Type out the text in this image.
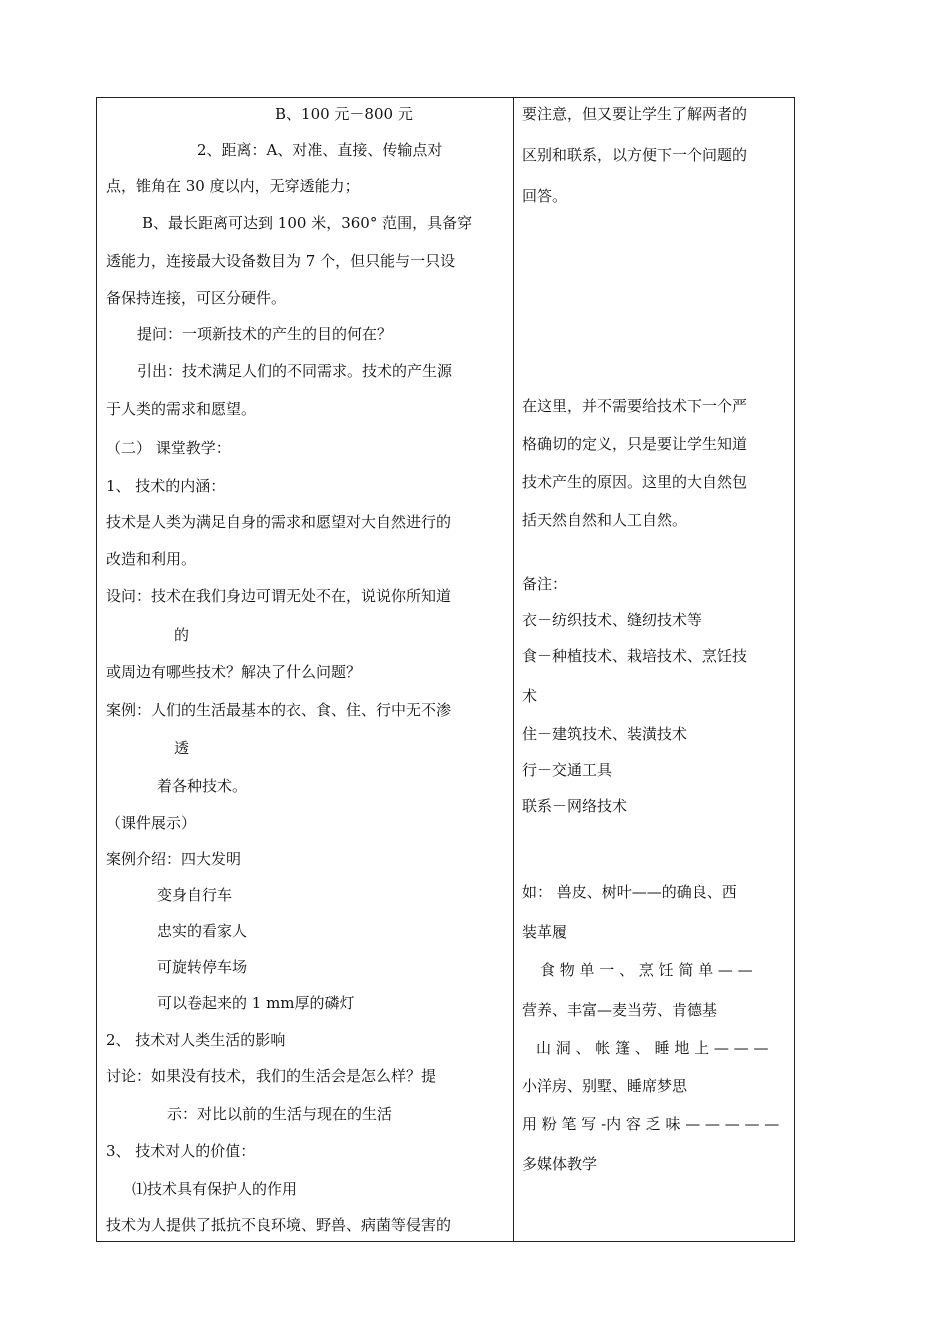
B、100 元－800 元
2、距离：A、对准、直接、传输点对
点，锥角在 30 度以内，无穿透能力；
B、最长距离可达到 100 米，360° 范围，具备穿
透能力，连接最大设备数目为 7 个，但只能与一只设
备保持连接，可区分硬件。
提问：一项新技术的产生的目的何在？
引出：技术满足人们的不同需求。技术的产生源
于人类的需求和愿望。
（二） 课堂教学：
1、 技术的内涵：
技术是人类为满足自身的需求和愿望对大自然进行的
改造和利用。
设问：技术在我们身边可谓无处不在，说说你所知道
的
或周边有哪些技术？解决了什么问题？
案例：人们的生活最基本的衣、食、住、行中无不渗
透
着各种技术。
（课件展示）
案例介绍：四大发明
变身自行车
忠实的看家人
可旋转停车场
可以卷起来的 1 mm厚的磷灯
2、 技术对人类生活的影响
讨论：如果没有技术，我们的生活会是怎么样？提
示：对比以前的生活与现在的生活
3、 技术对人的价值：
⑴技术具有保护人的作用
技术为人提供了抵抗不良环境、野兽、病菌等侵害的
要注意，但又要让学生了解两者的
区别和联系，以方便下一个问题的
回答。
在这里，并不需要给技术下一个严
格确切的定义，只是要让学生知道
技术产生的原因。这里的大自然包
括天然自然和人工自然。
备注：
衣－纺织技术、缝纫技术等
食－种植技术、栽培技术、烹饪技
术
住－建筑技术、装潢技术
行－交通工具
联系－网络技术
如： 兽皮、树叶——的确良、西
装革履
食 物 单 一 、 烹 饪 简 单 — —
营养、丰富—麦当劳、肯德基
山 洞 、 帐 篷 、 睡 地 上 — — —
小洋房、别墅、睡席梦思
用 粉 笔 写 -内 容 乏 味 — — — — —
多媒体教学
